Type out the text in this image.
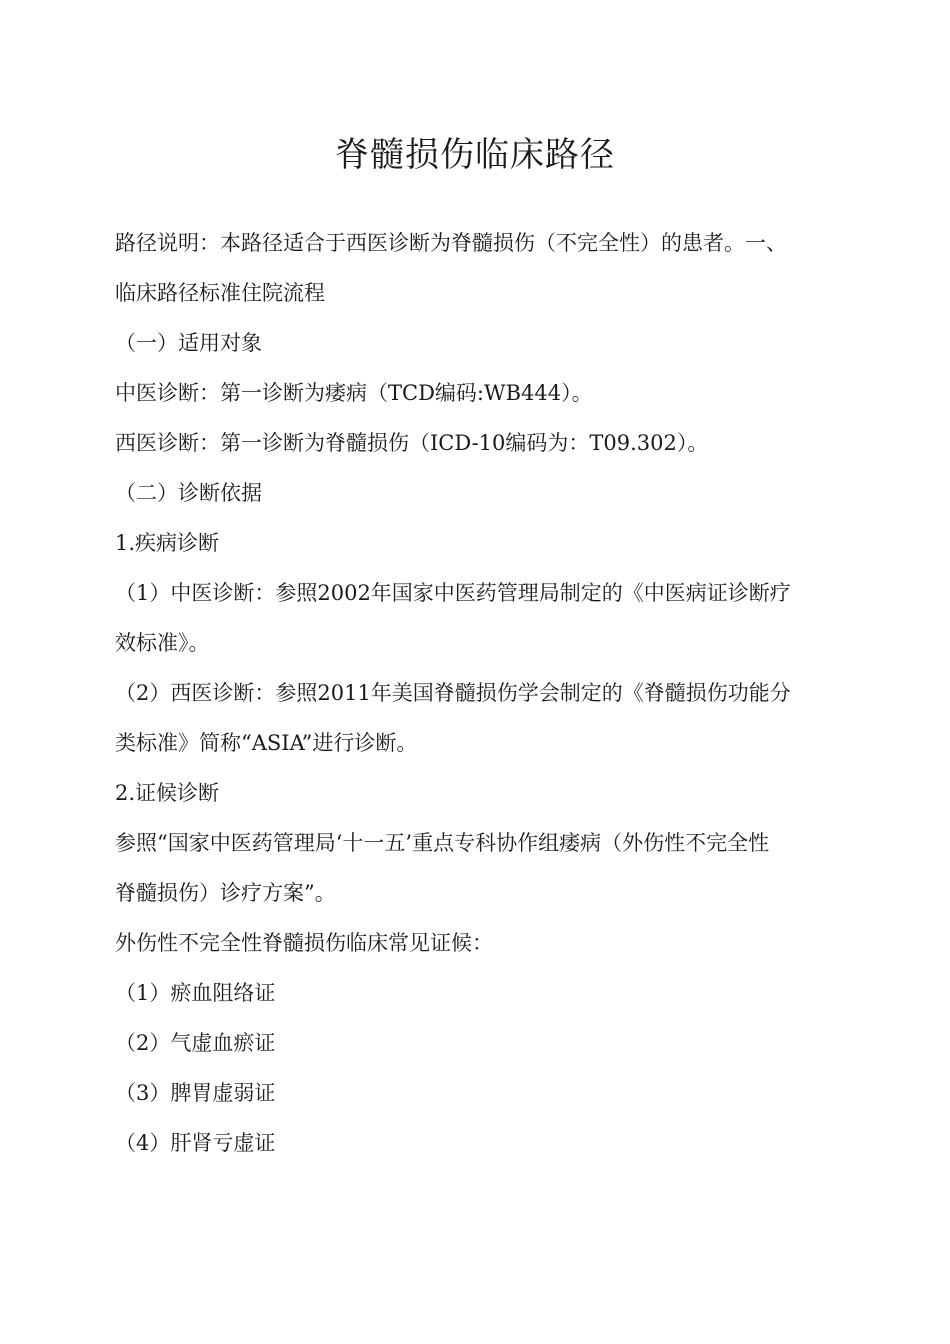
脊髓损伤临床路径
路径说明：本路径适合于西医诊断为脊髓损伤（不完全性）的患者。一、
临床路径标准住院流程
（一）适用对象
中医诊断：第一诊断为痿病（TCD编码:WB444）。
西医诊断：第一诊断为脊髓损伤（ICD-10编码为：T09.302）。
（二）诊断依据
1.疾病诊断
（1）中医诊断：参照2002年国家中医药管理局制定的《中医病证诊断疗
效标准》。
（2）西医诊断：参照2011年美国脊髓损伤学会制定的《脊髓损伤功能分
类标准》简称“ASIA”进行诊断。
2.证候诊断
参照“国家中医药管理局‘十一五’重点专科协作组痿病（外伤性不完全性
脊髓损伤）诊疗方案”。
外伤性不完全性脊髓损伤临床常见证候：
（1）瘀血阻络证
（2）气虚血瘀证
（3）脾胃虚弱证
（4）肝肾亏虚证
